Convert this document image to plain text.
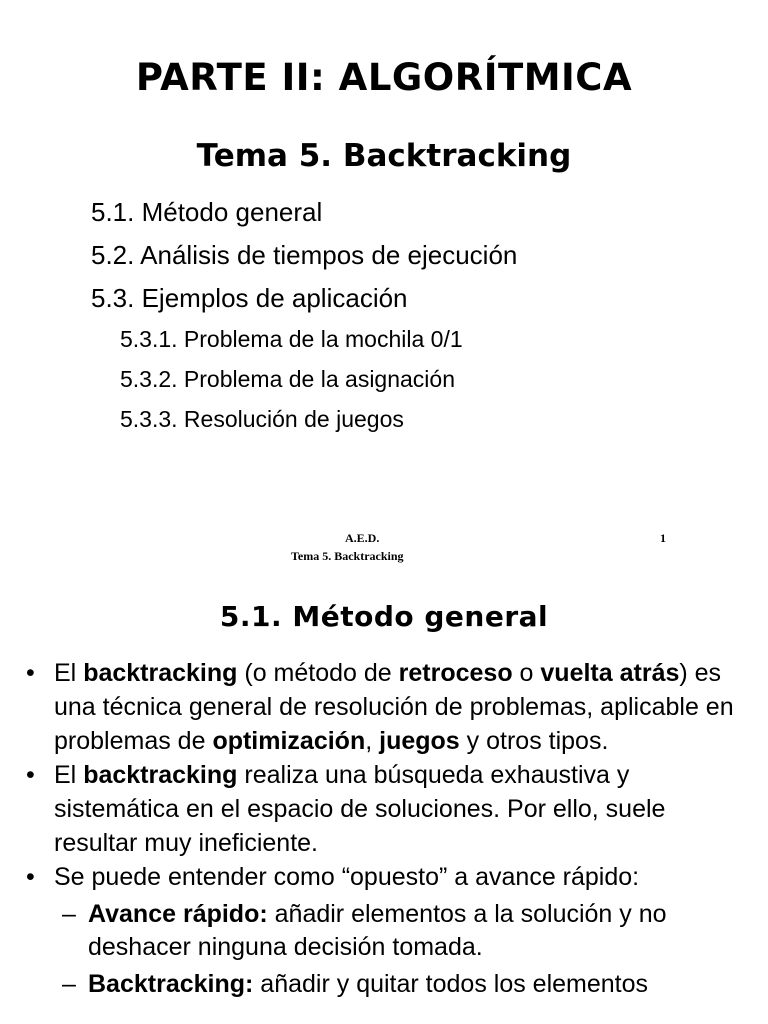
PARTE II: ALGORÍTMICA
Tema 5. Backtracking

5.1. Método general

5.2. Análisis de tiempos de ejecución

5.3. Ejemplos de aplicación

5.3.1. Problema de la mochila 0/1

5.3.2. Problema de la asignación

5.3.3. Resolución de juegos

A.E.D.
Tema 5. Backtracking
1
5.1. Método general
• El backtracking (o método de retroceso o vuelta atrás) es una técnica general de resolución de problemas, aplicable en problemas de optimización, juegos y otros tipos.
• El backtracking realiza una búsqueda exhaustiva y sistemática en el espacio de soluciones. Por ello, suele resultar muy ineficiente.
• Se puede entender como “opuesto” a avance rápido:
– Avance rápido: añadir elementos a la solución y no deshacer ninguna decisión tomada.
– Backtracking: añadir y quitar todos los elementos
